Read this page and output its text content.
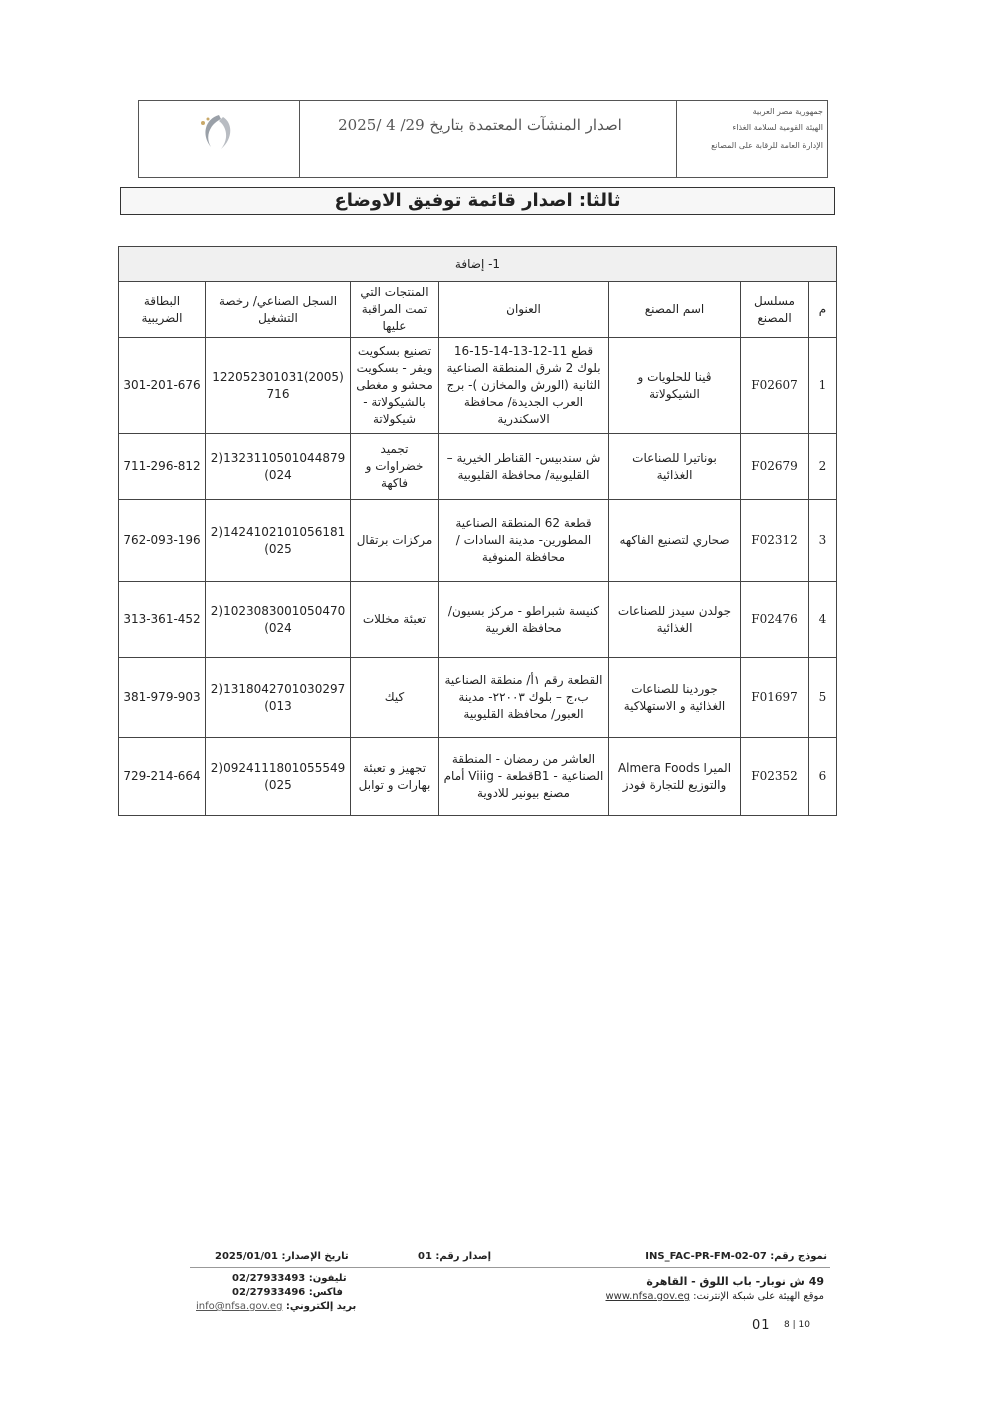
جمهورية مصر العربية
الهيئة القومية لسلامة الغذاء
الإدارة العامة للرقابة على المصانع
اصدار المنشآت المعتمدة بتاريخ 29/ 4 /2025
ثالثا: اصدار قائمة توفيق الاوضاع
1- إضافة						
م	مسلسل المصنع	اسم المصنع	العنوان	المنتجات التي تمت المراقبة عليها	السجل الصناعي/ رخصة التشغيل	البطاقة الضريبية
1	F02607	ڤينا للحلويات و الشيكولاتة	قطع 11-12-13-14-15-16 بلوك 2 شرق المنطقة الصناعية الثانية (الورش والمخازن )- برج العرب الجديدة/ محافظة الاسكندرية	تصنيع بسكويت ويفر - بسكويت محشو و مغطى بالشيكولاتة - شيكولاتة	(2005)122052301031716	301-201-676
2	F02679	بوناتيرا للصناعات الغذائية	ش سندبيس- القناطر الخيرية – القليوبية/ محافظة القليوبية	تجميد خضراوات و فاكهة	1323110501044879(2024)	711-296-812
3	F02312	صحاري لتصنيع الفاكهه	قطعة 62 المنطقة الصناعية المطورين- مدينة السادات / محافظة المنوفية	مركزات برتقال	1424102101056181(2025)	762-093-196
4	F02476	جولدن سيدز للصناعات الغذائية	كنيسة شبراطو - مركز بسيون/ محافظة الغربية	تعبئة مخللات	1023083001050470(2024)	313-361-452
5	F01697	جوردينا للصناعات الغذائية و الاستهلاكية	القطعة رقم ١أ/ منطقة الصناعية ب،ج – بلوك ٢٢٠٠٣- مدينة العبور/ محافظة القليوبية	كيك	1318042701030297(2013)	381-979-903
6	F02352	الميرا Almera Foods والتوزيع للتجارة فودز	العاشر من رمضان - المنطقة الصناعية - B1قطعة - Viiig أمام مصنع بيونير للادوية	تجهيز و تعبئة بهارات و توابل	0924111801055549(2025)	729-214-664
نموذج رقم: INS_FAC-PR-FM-02-07
إصدار رقم: 01
تاريخ الإصدار: 2025/01/01
49 ش نوبار- باب اللوق - القاهرة
موقع الهيئة على شبكة الإنترنت: www.nfsa.gov.eg
تليفون: 02/27933493
فاكس: 02/27933496
بريد إلكتروني: info@nfsa.gov.eg
01 8 | 10
